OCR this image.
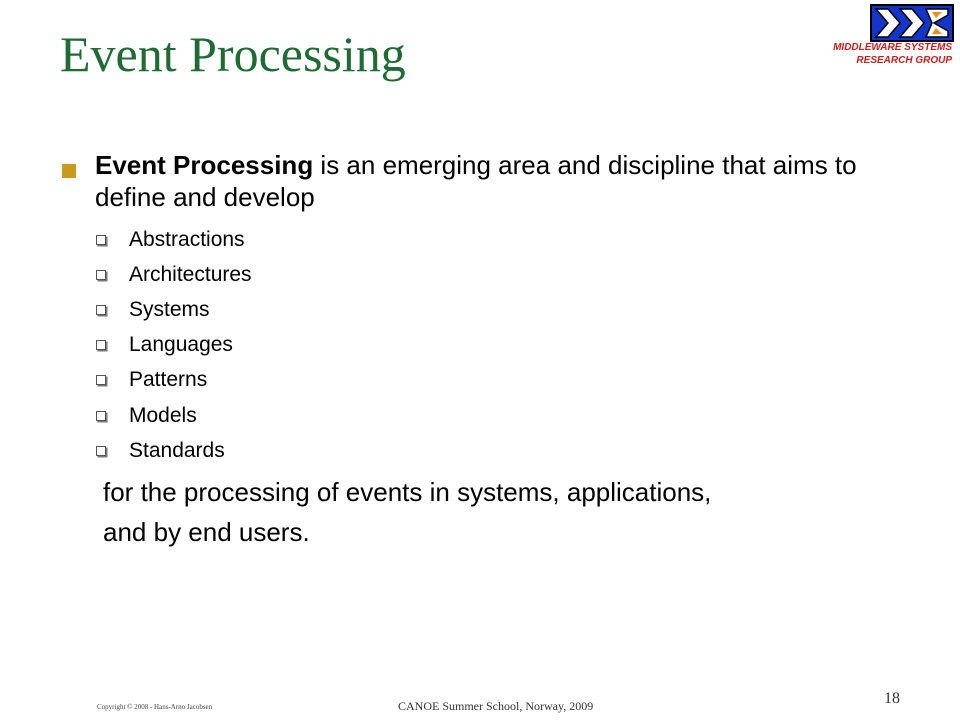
Event Processing	MIDDLEWARE SYSTEMS
RESEARCH GROUP
Event Processing is an emerging area and discipline that aims to define and develop
Abstractions
Architectures
Systems
Languages
Patterns
Models
Standards
for the processing of events in systems, applications,
and by end users.
Copyright © 2008 - Hans-Arno Jacobsen	CANOE Summer School, Norway, 2009	18
